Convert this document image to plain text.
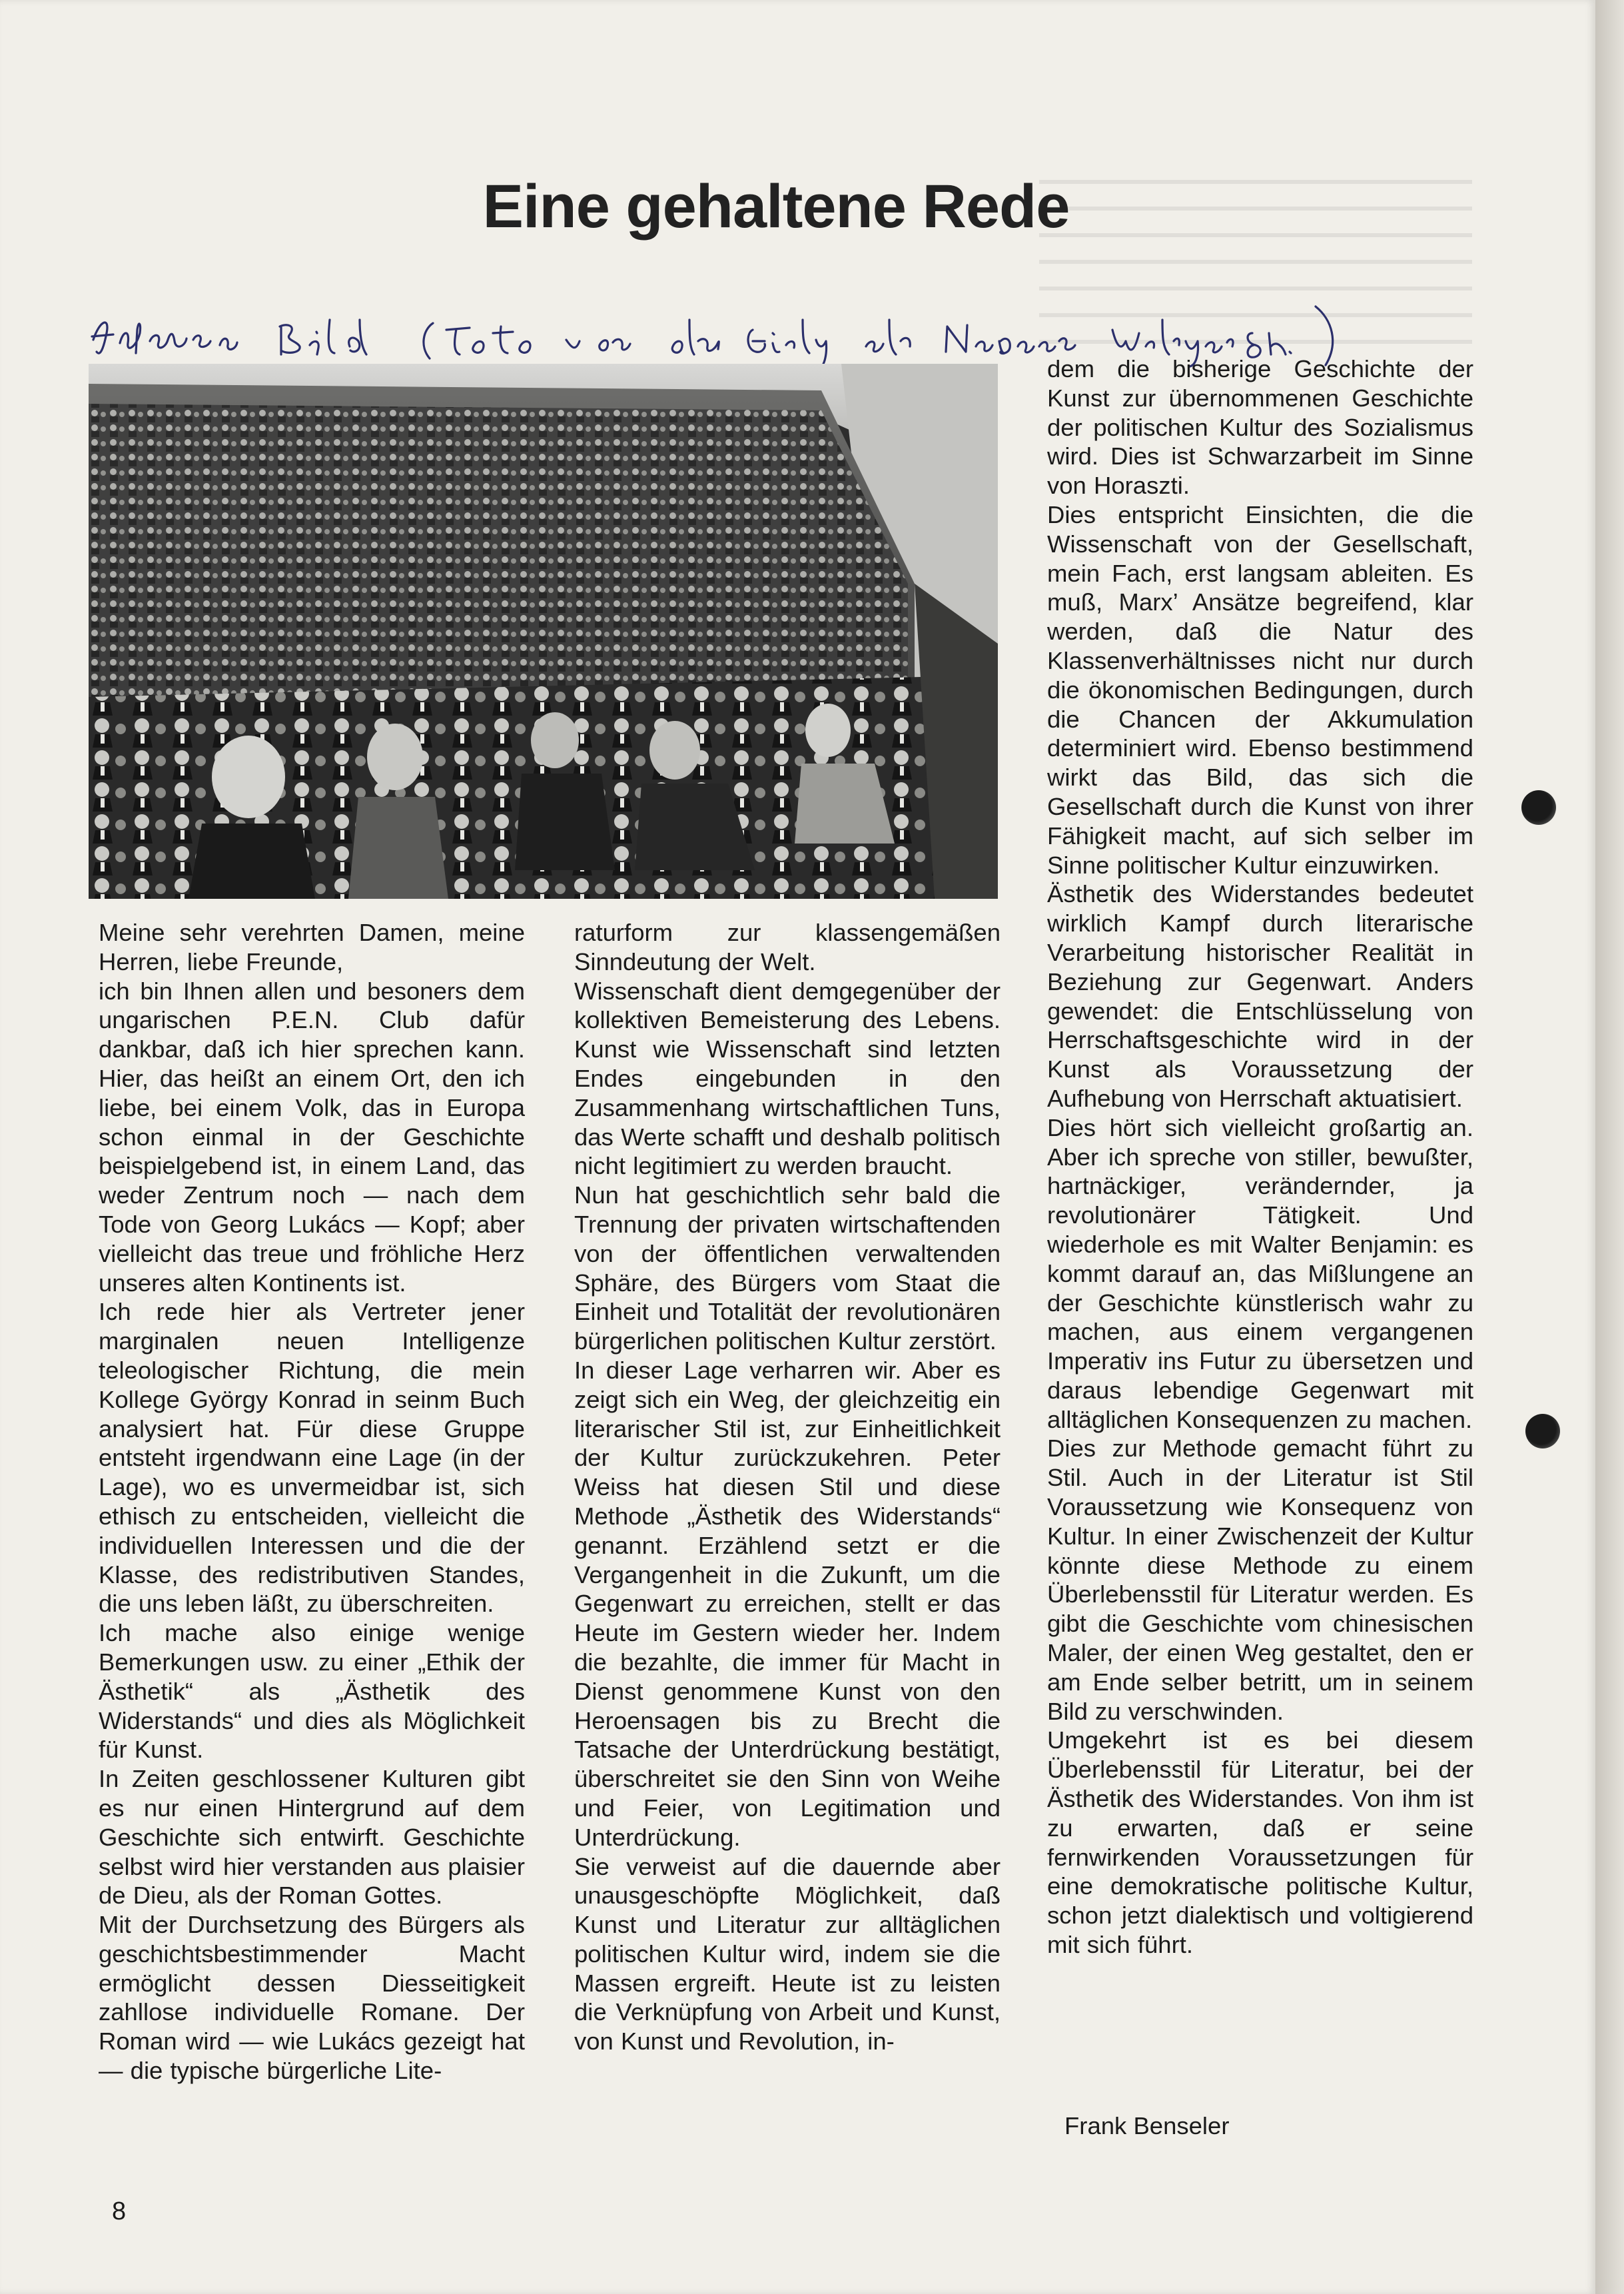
Eine gehaltene Rede
Meine sehr verehrten Damen, meine Herren, liebe Freunde,
ich bin Ihnen allen und besoners dem ungarischen P.E.N. Club dafür dankbar, daß ich hier sprechen kann. Hier, das heißt an einem Ort, den ich liebe, bei einem Volk, das in Europa schon einmal in der Geschichte beispielgebend ist, in einem Land, das weder Zentrum noch — nach dem Tode von Georg Lukács — Kopf; aber vielleicht das treue und fröhliche Herz unseres alten Kontinents ist.
Ich rede hier als Vertreter jener marginalen neuen Intelligenze teleologischer Richtung, die mein Kollege György Konrad in seinm Buch analysiert hat. Für diese Gruppe entsteht irgendwann eine Lage (in der Lage), wo es unvermeidbar ist, sich ethisch zu entscheiden, vielleicht die individuellen Interessen und die der Klasse, des redistributiven Standes, die uns leben läßt, zu überschreiten.
Ich mache also einige wenige Bemerkungen usw. zu einer „Ethik der Ästhetik“ als „Ästhetik des Widerstands“ und dies als Möglichkeit für Kunst.
In Zeiten geschlossener Kulturen gibt es nur einen Hintergrund auf dem Geschichte sich entwirft. Geschichte selbst wird hier verstanden aus plaisier de Dieu, als der Roman Gottes.
Mit der Durchsetzung des Bürgers als geschichtsbestimmender Macht ermöglicht dessen Diesseitigkeit zahllose individuelle Romane. Der Roman wird — wie Lukács gezeigt hat — die typische bürgerliche Lite-
raturform zur klassengemäßen Sinndeutung der Welt.
Wissenschaft dient demgegenüber der kollektiven Bemeisterung des Lebens. Kunst wie Wissenschaft sind letzten Endes eingebunden in den Zusammenhang wirtschaftlichen Tuns, das Werte schafft und deshalb politisch nicht legitimiert zu werden braucht.
Nun hat geschichtlich sehr bald die Trennung der privaten wirtschaftenden von der öffentlichen verwaltenden Sphäre, des Bürgers vom Staat die Einheit und Totalität der revolutionären bürgerlichen politischen Kultur zerstört.
In dieser Lage verharren wir. Aber es zeigt sich ein Weg, der gleichzeitig ein literarischer Stil ist, zur Einheitlichkeit der Kultur zurückzukehren. Peter Weiss hat diesen Stil und diese Methode „Ästhetik des Widerstands“ genannt. Erzählend setzt er die Vergangenheit in die Zukunft, um die Gegenwart zu erreichen, stellt er das Heute im Gestern wieder her. Indem die bezahlte, die immer für Macht in Dienst genommene Kunst von den Heroensagen bis zu Brecht die Tatsache der Unterdrückung bestätigt, überschreitet sie den Sinn von Weihe und Feier, von Legitimation und Unterdrückung.
Sie verweist auf die dauernde aber unausgeschöpfte Möglichkeit, daß Kunst und Literatur zur alltäglichen politischen Kultur wird, indem sie die Massen ergreift. Heute ist zu leisten die Verknüpfung von Arbeit und Kunst, von Kunst und Revolution, in-
dem die bisherige Geschichte der Kunst zur übernommenen Geschichte der politischen Kultur des Sozialismus wird. Dies ist Schwarzarbeit im Sinne von Horaszti.
Dies entspricht Einsichten, die die Wissenschaft von der Gesellschaft, mein Fach, erst langsam ableiten. Es muß, Marx’ Ansätze begreifend, klar werden, daß die Natur des Klassenverhältnisses nicht nur durch die ökonomischen Bedingungen, durch die Chancen der Akkumulation determiniert wird. Ebenso bestimmend wirkt das Bild, das sich die Gesellschaft durch die Kunst von ihrer Fähigkeit macht, auf sich selber im Sinne politischer Kultur einzuwirken.
Ästhetik des Widerstandes bedeutet wirklich Kampf durch literarische Verarbeitung historischer Realität in Beziehung zur Gegenwart. Anders gewendet: die Entschlüsselung von Herrschaftsgeschichte wird in der Kunst als Voraussetzung der Aufhebung von Herrschaft aktuatisiert.
Dies hört sich vielleicht großartig an. Aber ich spreche von stiller, bewußter, hartnäckiger, verändernder, ja revolutionärer Tätigkeit. Und wiederhole es mit Walter Benjamin: es kommt darauf an, das Mißlungene an der Geschichte künstlerisch wahr zu machen, aus einem vergangenen Imperativ ins Futur zu übersetzen und daraus lebendige Gegenwart mit alltäglichen Konsequenzen zu machen.
Dies zur Methode gemacht führt zu Stil. Auch in der Literatur ist Stil Voraussetzung wie Konsequenz von Kultur. In einer Zwischenzeit der Kultur könnte diese Methode zu einem Überlebensstil für Literatur werden. Es gibt die Geschichte vom chinesischen Maler, der einen Weg gestaltet, den er am Ende selber betritt, um in seinem Bild zu verschwinden.
Umgekehrt ist es bei diesem Überlebensstil für Literatur, bei der Ästhetik des Widerstandes. Von ihm ist zu erwarten, daß er seine fernwirkenden Voraussetzungen für eine demokratische politische Kultur, schon jetzt dialektisch und voltigierend mit sich führt.
Frank Benseler
8
